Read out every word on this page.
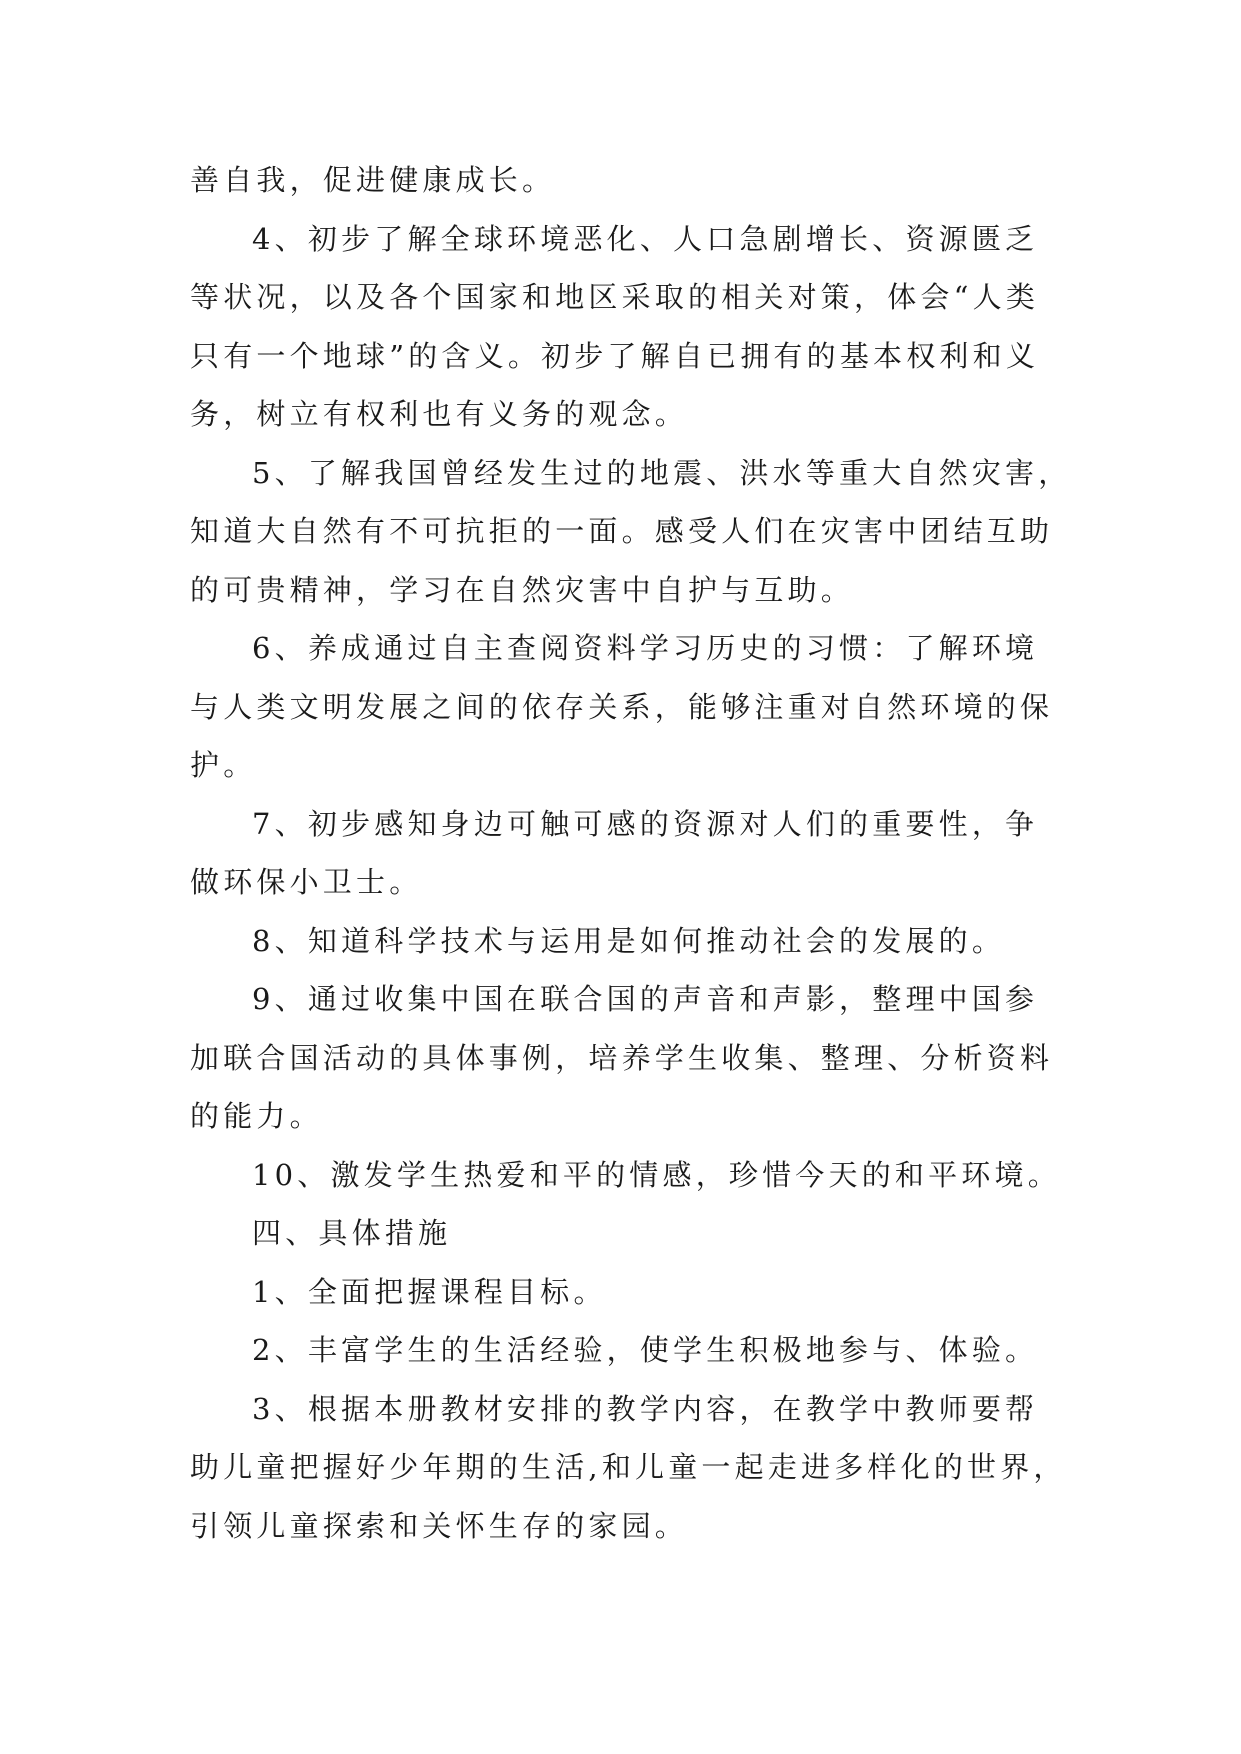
善自我，促进健康成长。

4、初步了解全球环境恶化、人口急剧增长、资源匮乏
等状况，以及各个国家和地区采取的相关对策，体会“人类
只有一个地球”的含义。初步了解自已拥有的基本权利和义
务，树立有权利也有义务的观念。

5、了解我国曾经发生过的地震、洪水等重大自然灾害，
知道大自然有不可抗拒的一面。感受人们在灾害中团结互助
的可贵精神，学习在自然灾害中自护与互助。

6、养成通过自主查阅资料学习历史的习惯：了解环境
与人类文明发展之间的依存关系，能够注重对自然环境的保
护。

7、初步感知身边可触可感的资源对人们的重要性，争
做环保小卫士。

8、知道科学技术与运用是如何推动社会的发展的。

9、通过收集中国在联合国的声音和声影，整理中国参
加联合国活动的具体事例，培养学生收集、整理、分析资料
的能力。

10、激发学生热爱和平的情感，珍惜今天的和平环境。

四、具体措施

1、全面把握课程目标。

2、丰富学生的生活经验，使学生积极地参与、体验。

3、根据本册教材安排的教学内容，在教学中教师要帮
助儿童把握好少年期的生活,和儿童一起走进多样化的世界，
引领儿童探索和关怀生存的家园。
